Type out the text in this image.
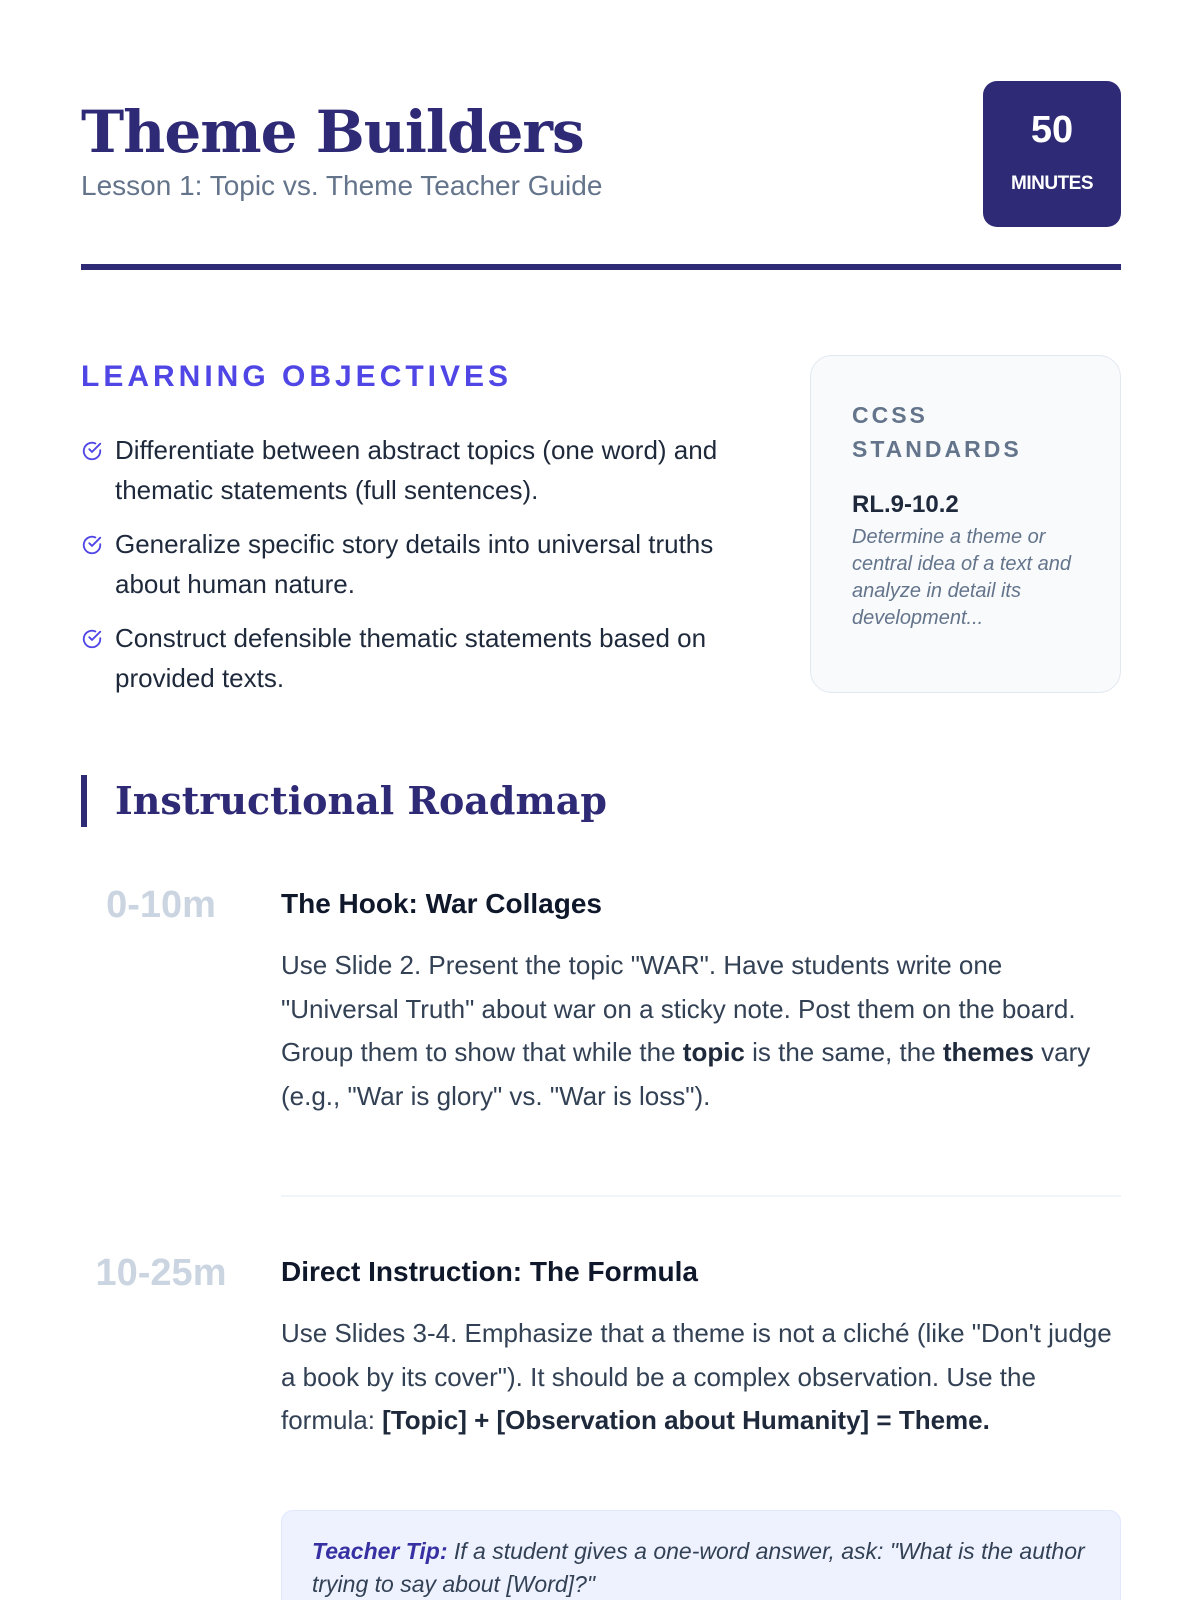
Theme Builders
Lesson 1: Topic vs. Theme Teacher Guide
50
MINUTES
LEARNING OBJECTIVES
Differentiate between abstract topics (one word) and thematic statements (full sentences).
Generalize specific story details into universal truths about human nature.
Construct defensible thematic statements based on provided texts.
CCSS STANDARDS
RL.9-10.2
Determine a theme or central idea of a text and analyze in detail its development...
Instructional Roadmap
0-10m	The Hook: War Collages

Use Slide 2. Present the topic "WAR". Have students write one "Universal Truth" about war on a sticky note. Post them on the board. Group them to show that while the topic is the same, the themes vary (e.g., "War is glory" vs. "War is loss").

10-25m	Direct Instruction: The Formula

Use Slides 3-4. Emphasize that a theme is not a cliché (like "Don't judge a book by its cover"). It should be a complex observation. Use the formula: [Topic] + [Observation about Humanity] = Theme.

Teacher Tip: If a student gives a one-word answer, ask: "What is the author trying to say about [Word]?"
